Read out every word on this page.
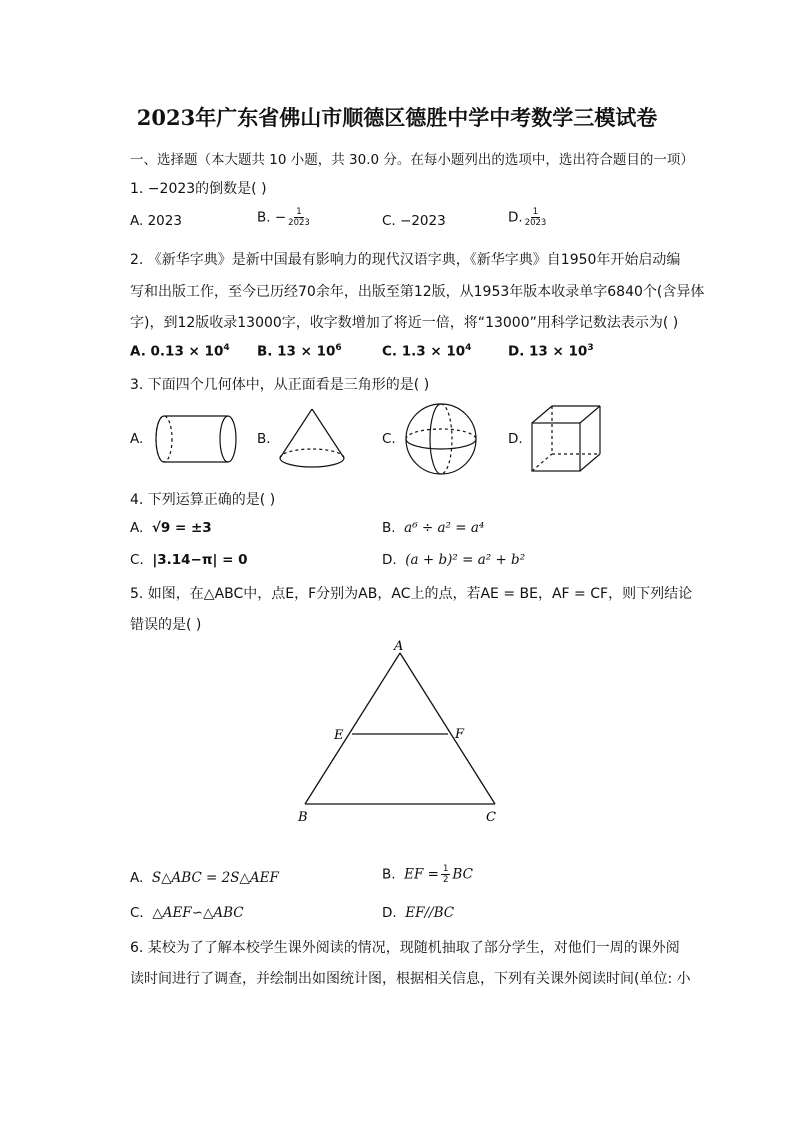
2023年广东省佛山市顺德区德胜中学中考数学三模试卷
一、选择题（本大题共 10 小题，共 30.0 分。在每小题列出的选项中，选出符合题目的一项）
1. −2023的倒数是( )
A. 2023	B. − $\frac{1}{2023}$	C. −2023	D. $\frac{1}{2023}$
2. 《新华字典》是新中国最有影响力的现代汉语字典，《新华字典》自1950年开始启动编
写和出版工作，至今已历经70余年，出版至第12版，从1953年版本收录单字6840个(含异体
字)，到12版收录13000字，收字数增加了将近一倍，将“13000”用科学记数法表示为( )
A. $0.13 \times 10^4$ B. $13 \times 10^6$	C. $1.3 \times 10^4$	D. $13 \times 10^3$
3. 下面四个几何体中，从正面看是三角形的是( )
A.	B.	C.	D.
4. 下列运算正确的是( )
A. √9 = ±3	B. a⁶ ÷ a² = a⁴
C. |3.14−π| = 0	D. (a + b)² = a² + b²
5. 如图，在△ABC中，点E，F分别为AB，AC上的点，若AE = BE，AF = CF，则下列结论
错误的是( )
A
E	F
B	C
A. S△ABC = 2S△AEF	B. EF = $\frac{1}{2}$ BC
C. △AEF∽△ABC	D. EF//BC
6. 某校为了了解本校学生课外阅读的情况，现随机抽取了部分学生，对他们一周的课外阅
读时间进行了调查，并绘制出如图统计图，根据相关信息，下列有关课外阅读时间(单位: 小
